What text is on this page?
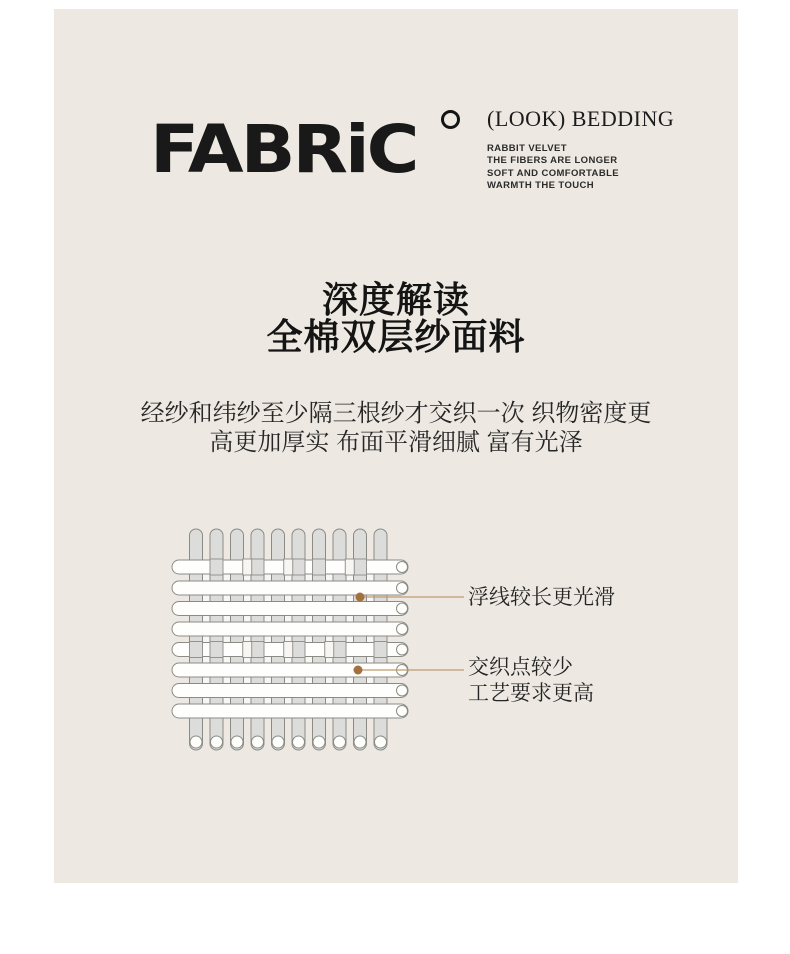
FABRiC	(LOOK) BEDDING
RABBIT VELVET
THE FIBERS ARE LONGER
SOFT AND COMFORTABLE
WARMTH THE TOUCH
深度解读
全棉双层纱面料
经纱和纬纱至少隔三根纱才交织一次 织物密度更
高更加厚实 布面平滑细腻 富有光泽
浮线较长更光滑
交织点较少
工艺要求更高
